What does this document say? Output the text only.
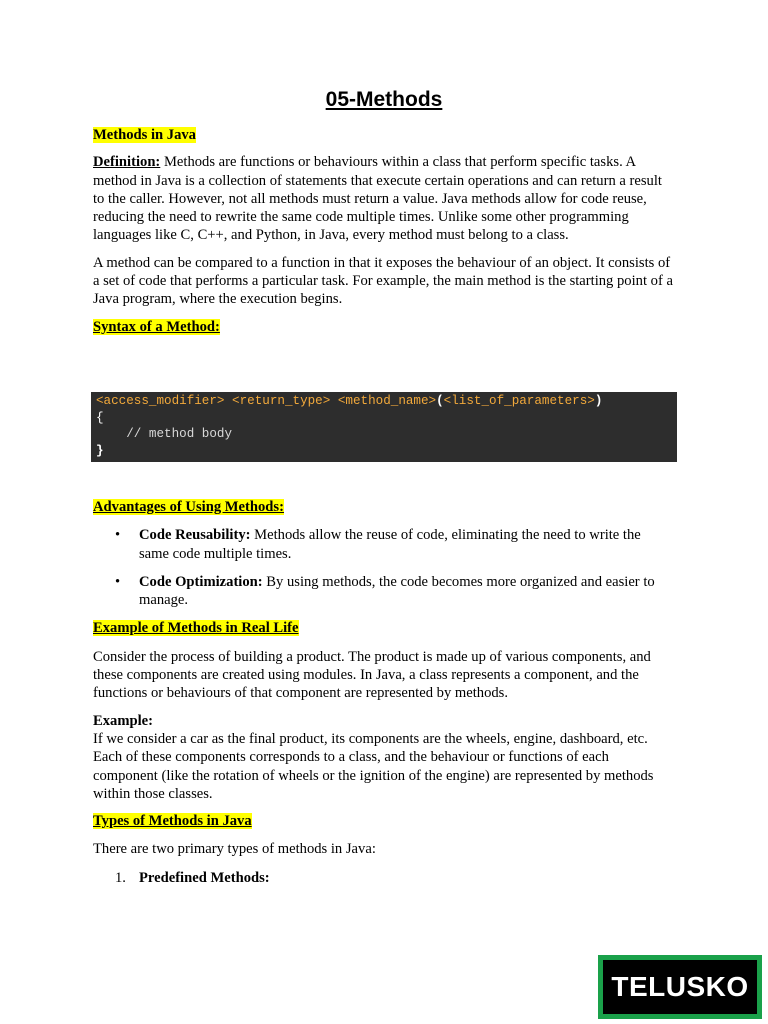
05-Methods

Methods in Java

Definition: Methods are functions or behaviours within a class that perform specific tasks. A method in Java is a collection of statements that execute certain operations and can return a result to the caller. However, not all methods must return a value. Java methods allow for code reuse, reducing the need to rewrite the same code multiple times. Unlike some other programming languages like C, C++, and Python, in Java, every method must belong to a class.

A method can be compared to a function in that it exposes the behaviour of an object. It consists of a set of code that performs a particular task. For example, the main method is the starting point of a Java program, where the execution begins.

Syntax of a Method:

<access_modifier> <return_type> <method_name>(<list_of_parameters>)
{
// method body
}

Advantages of Using Methods:

• Code Reusability: Methods allow the reuse of code, eliminating the need to write the same code multiple times.
• Code Optimization: By using methods, the code becomes more organized and easier to manage.

Example of Methods in Real Life

Consider the process of building a product. The product is made up of various components, and these components are created using modules. In Java, a class represents a component, and the functions or behaviours of that component are represented by methods.

Example:

If we consider a car as the final product, its components are the wheels, engine, dashboard, etc. Each of these components corresponds to a class, and the behaviour or functions of each component (like the rotation of wheels or the ignition of the engine) are represented by methods within those classes.

Types of Methods in Java

There are two primary types of methods in Java:

1. Predefined Methods:
TELUSKO
